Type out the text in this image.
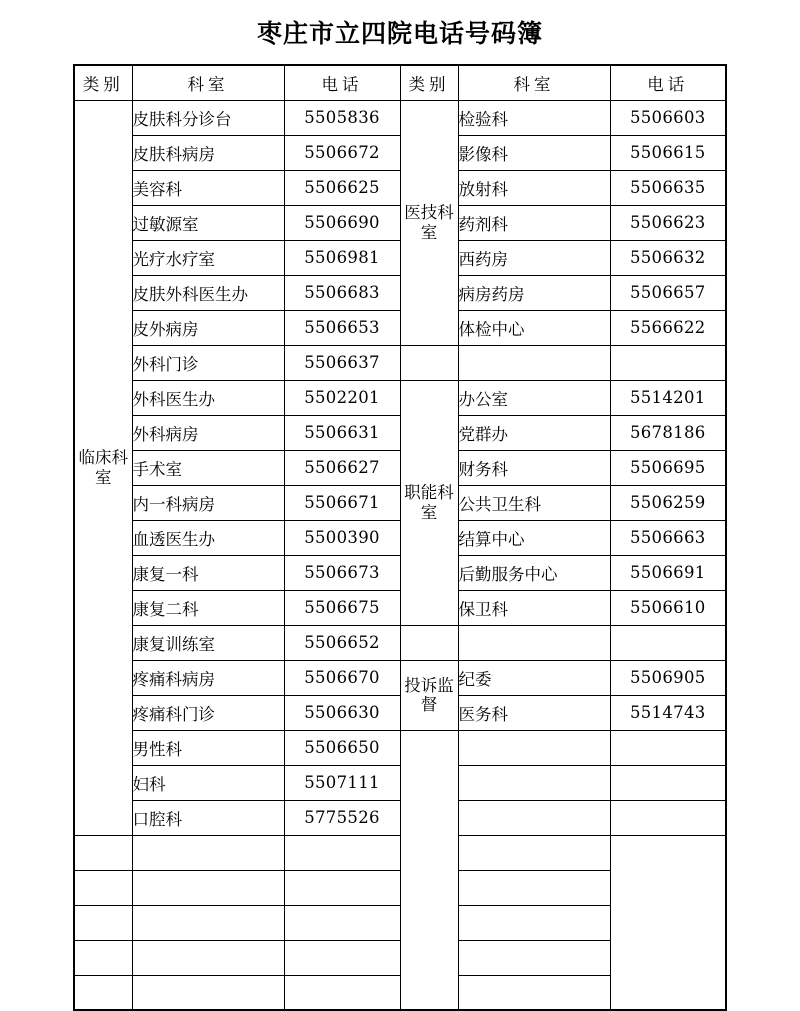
枣庄市立四院电话号码簿
类别	科室	电话	类别	科室	电话
临床科室	皮肤科分诊台	5505836	医技科室	检验科	5506603
	皮肤科病房	5506672		影像科	5506615
	美容科	5506625		放射科	5506635
	过敏源室	5506690		药剂科	5506623
	光疗水疗室	5506981		西药房	5506632
	皮肤外科医生办	5506683		病房药房	5506657
	皮外病房	5506653		体检中心	5566622
	外科门诊	5506637			
	外科医生办	5502201	职能科室	办公室	5514201
	外科病房	5506631		党群办	5678186
	手术室	5506627		财务科	5506695
	内一科病房	5506671		公共卫生科	5506259
	血透医生办	5500390		结算中心	5506663
	康复一科	5506673		后勤服务中心	5506691
	康复二科	5506675		保卫科	5506610
	康复训练室	5506652			
	疼痛科病房	5506670	投诉监督	纪委	5506905
	疼痛科门诊	5506630		医务科	5514743
	男性科	5506650			
	妇科	5507111			
	口腔科	5775526			
